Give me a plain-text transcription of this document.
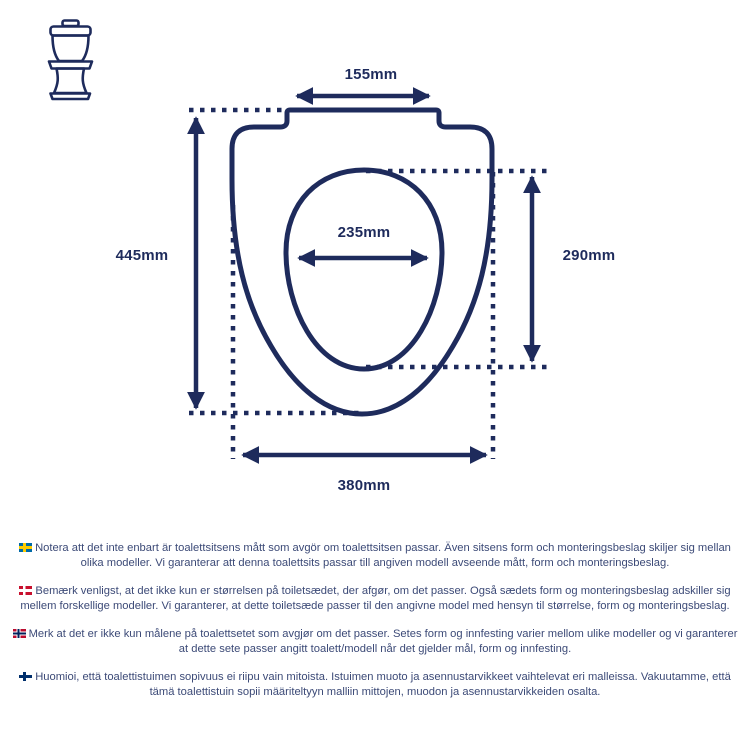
155mm
445mm
235mm
290mm
380mm

Notera att det inte enbart är toalettsitsens mått som avgör om toalettsitsen passar. Även sitsens form och monteringsbeslag skiljer sig mellan olika modeller. Vi garanterar att denna toalettsits passar till angiven modell avseende mått, form och monteringsbeslag.

Bemærk venligst, at det ikke kun er størrelsen på toiletsædet, der afgør, om det passer. Også sædets form og monteringsbeslag adskiller sig mellem forskellige modeller. Vi garanterer, at dette toiletsæde passer til den angivne model med hensyn til størrelse, form og monteringsbeslag.

Merk at det er ikke kun målene på toalettsetet som avgjør om det passer. Setes form og innfesting varier mellom ulike modeller og vi garanterer at dette sete passer angitt toalett/modell når det gjelder mål, form og innfesting.

Huomioi, että toalettistuimen sopivuus ei riipu vain mitoista. Istuimen muoto ja asennustarvikkeet vaihtelevat eri malleissa. Vakuutamme, että tämä toalettistuin sopii määriteltyyn malliin mittojen, muodon ja asennustarvikkeiden osalta.
